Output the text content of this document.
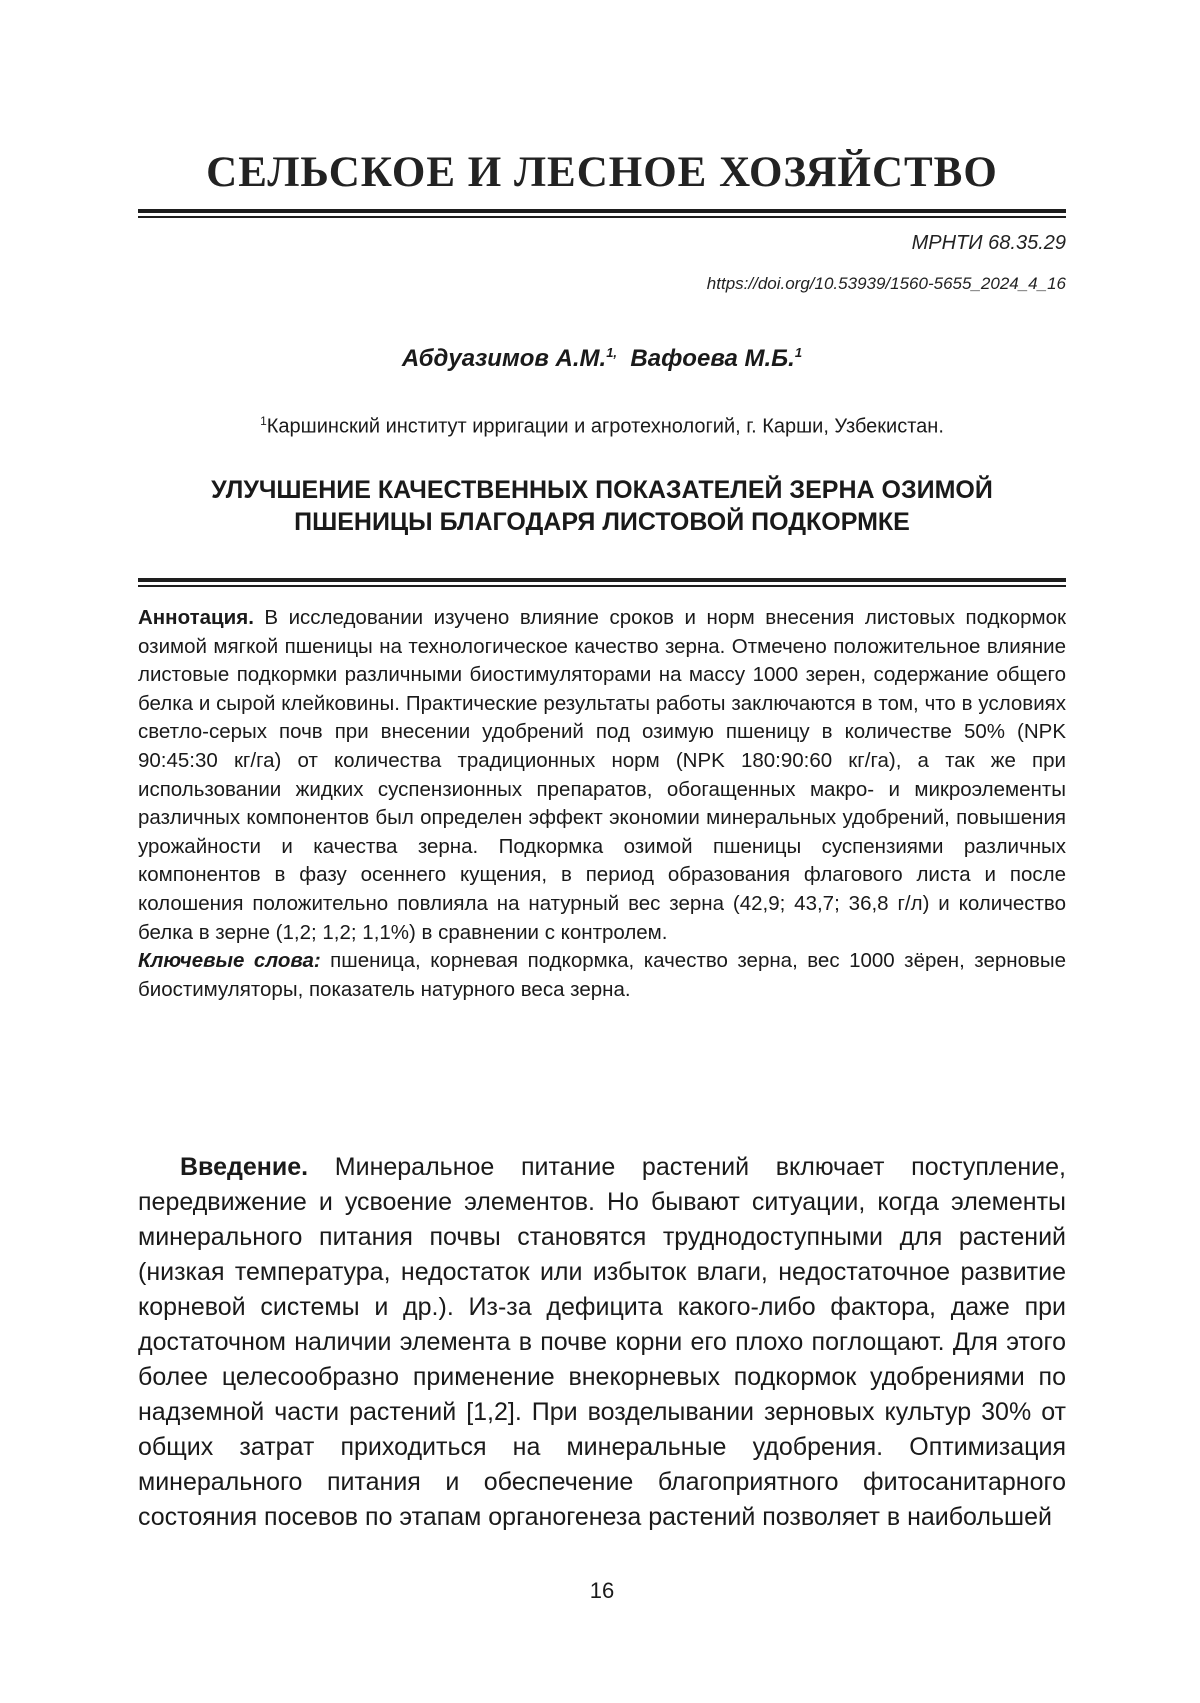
СЕЛЬСКОЕ И ЛЕСНОЕ ХОЗЯЙСТВО
МРНТИ 68.35.29
https://doi.org/10.53939/1560-5655_2024_4_16
Абдуазимов А.М.$^{1,}$ Вафоева М.Б.$^1$
$^1$Каршинский институт ирригации и агротехнологий, г. Карши, Узбекистан.
УЛУЧШЕНИЕ КАЧЕСТВЕННЫХ ПОКАЗАТЕЛЕЙ ЗЕРНА ОЗИМОЙ
ПШЕНИЦЫ БЛАГОДАРЯ ЛИСТОВОЙ ПОДКОРМКЕ

Аннотация. В исследовании изучено влияние сроков и норм внесения листовых подкормок озимой мягкой пшеницы на технологическое качество зерна. Отмечено положительное влияние листовые подкормки различными биостимуляторами на массу 1000 зерен, содержание общего белка и сырой клейковины. Практические результаты работы заключаются в том, что в условиях светло-серых почв при внесении удобрений под озимую пшеницу в количестве 50% (NPK 90:45:30 кг/га) от количества традиционных норм (NPK 180:90:60 кг/га), а так же при использовании жидких суспензионных препаратов, обогащенных макро- и микроэлементы различных компонентов был определен эффект экономии минеральных удобрений, повышения урожайности и качества зерна. Подкормка озимой пшеницы суспензиями различных компонентов в фазу осеннего кущения, в период образования флагового листа и после колошения положительно повлияла на натурный вес зерна (42,9; 43,7; 36,8 г/л) и количество белка в зерне (1,2; 1,2; 1,1%) в сравнении с контролем.

Ключевые слова: пшеница, корневая подкормка, качество зерна, вес 1000 зёрен, зерновые биостимуляторы, показатель натурного веса зерна.

Введение. Минеральное питание растений включает поступление, передвижение и усвоение элементов. Но бывают ситуации, когда элементы минерального питания почвы становятся труднодоступными для растений (низкая температура, недостаток или избыток влаги, недостаточное развитие корневой системы и др.). Из-за дефицита какого-либо фактора, даже при достаточном наличии элемента в почве корни его плохо поглощают. Для этого более целесообразно применение внекорневых подкормок удобрениями по надземной части растений [1,2]. При возделывании зерновых культур 30% от общих затрат приходиться на минеральные удобрения. Оптимизация минерального питания и обеспечение благоприятного фитосанитарного состояния посевов по этапам органогенеза растений позволяет в наибольшей

16
